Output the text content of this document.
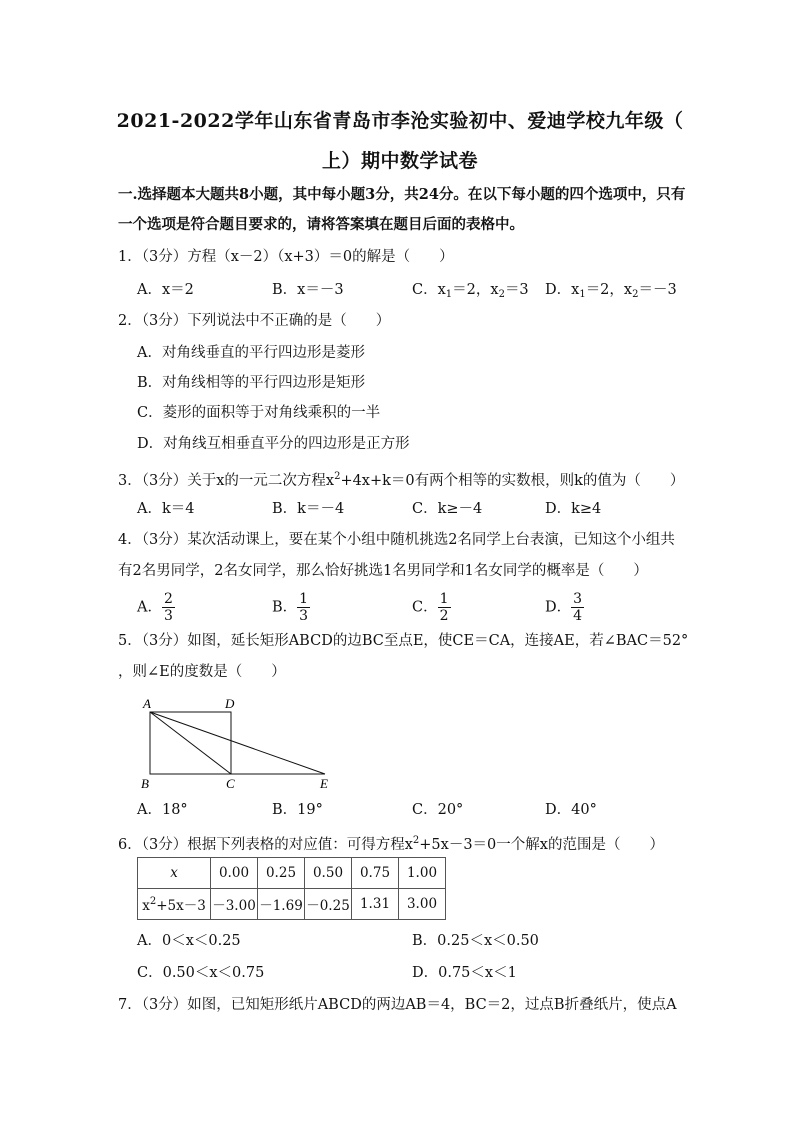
2021-2022学年山东省青岛市李沧实验初中、爱迪学校九年级（
上）期中数学试卷
一.选择题本大题共8小题，其中每小题3分，共24分。在以下每小题的四个选项中，只有
一个选项是符合题目要求的，请将答案填在题目后面的表格中。
1．（3分）方程（x－2）（x+3）＝0的解是（　　）
A．x＝2	B．x＝－3	C．$x_1=2$，$x_2=3$ D．$x_1=2$，$x_2=-3$
2．（3分）下列说法中不正确的是（　　）
A．对角线垂直的平行四边形是菱形
B．对角线相等的平行四边形是矩形
C．菱形的面积等于对角线乘积的一半
D．对角线互相垂直平分的四边形是正方形
3．（3分）关于x的一元二次方程$x^2+4x+k=0$有两个相等的实数根，则k的值为（　　）
A．k＝4	B．k＝－4	C．k≥－4	D．k≥4
4．（3分）某次活动课上，要在某个小组中随机挑选2名同学上台表演，已知这个小组共
有2名男同学，2名女同学，那么恰好挑选1名男同学和1名女同学的概率是（　　）
A． $\frac{2}{3}$	B． $\frac{1}{3}$	C． $\frac{1}{2}$	D． $\frac{3}{4}$
5．（3分）如图，延长矩形ABCD的边BC至点E，使CE＝CA，连接AE，若∠BAC＝52°
，则∠E的度数是（　　）
A	D
B	C	E
A．18°	B．19°	C．20°	D．40°
6．（3分）根据下列表格的对应值：可得方程$x^2+5x-3=0$一个解x的范围是（　　）
x	0.00	0.25	0.50	0.75	1.00
$x^2+5x-3$	－3.00	－1.69	－0.25	1.31	3.00
A．0＜x＜0.25	B．0.25＜x＜0.50
C．0.50＜x＜0.75	D．0.75＜x＜1
7．（3分）如图，已知矩形纸片ABCD的两边AB＝4，BC＝2，过点B折叠纸片，使点A
